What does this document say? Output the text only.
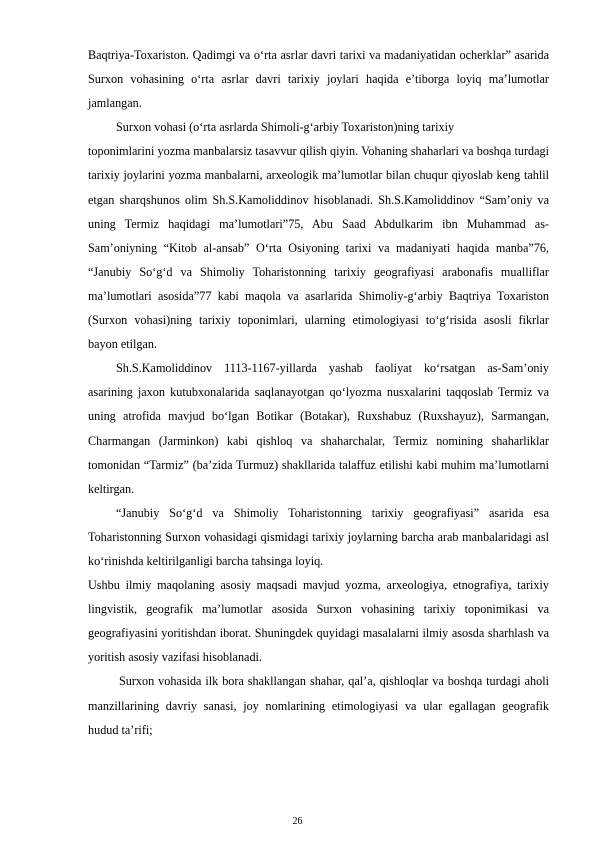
Baqtriya-Toxariston. Qadimgi va o‘rta asrlar davri tarixi va madaniyatidan ocherklar” asarida Surxon vohasining o‘rta asrlar davri tarixiy joylari haqida e’tiborga loyiq ma’lumotlar jamlangan.

Surxon vohasi (o‘rta asrlarda Shimoli-g‘arbiy Toxariston)ning tarixiy

toponimlarini yozma manbalarsiz tasavvur qilish qiyin. Vohaning shaharlari va boshqa turdagi tarixiy joylarini yozma manbalarni, arxeologik ma’lumotlar bilan chuqur qiyoslab keng tahlil etgan sharqshunos olim Sh.S.Kamoliddinov hisoblanadi. Sh.S.Kamoliddinov “Sam’oniy va uning Termiz haqidagi ma’lumotlari”75, Abu Saad Abdulkarim ibn Muhammad as-Sam’oniyning “Kitob al-ansab” O‘rta Osiyoning tarixi va madaniyati haqida manba”76, “Janubiy So‘g‘d va Shimoliy Toharistonning tarixiy geografiyasi arabonafis mualliflar ma’lumotlari asosida”77 kabi maqola va asarlarida Shimoliy-g‘arbiy Baqtriya Toxariston (Surxon vohasi)ning tarixiy toponimlari, ularning etimologiyasi to‘g‘risida asosli fikrlar bayon etilgan.

Sh.S.Kamoliddinov 1113-1167-yillarda yashab faoliyat ko‘rsatgan as-Sam’oniy asarining jaxon kutubxonalarida saqlanayotgan qo‘lyozma nusxalarini taqqoslab Termiz va uning atrofida mavjud bo‘lgan Botikar (Botakar), Ruxshabuz (Ruxshayuz), Sarmangan, Charmangan (Jarminkon) kabi qishloq va shaharchalar, Termiz nomining shaharliklar tomonidan “Tarmiz” (ba’zida Turmuz) shakllarida talaffuz etilishi kabi muhim ma’lumotlarni keltirgan.

“Janubiy So‘g‘d va Shimoliy Toharistonning tarixiy geografiyasi” asarida esa Toharistonning Surxon vohasidagi qismidagi tarixiy joylarning barcha arab manbalaridagi asl ko‘rinishda keltirilganligi barcha tahsinga loyiq.

Ushbu ilmiy maqolaning asosiy maqsadi mavjud yozma, arxeologiya, etnografiya, tarixiy lingvistik, geografik ma’lumotlar asosida Surxon vohasining tarixiy toponimikasi va geografiyasini yoritishdan iborat. Shuningdek quyidagi masalalarni ilmiy asosda sharhlash va yoritish asosiy vazifasi hisoblanadi.

Surxon vohasida ilk bora shakllangan shahar, qal’a, qishloqlar va boshqa turdagi aholi manzillarining davriy sanasi, joy nomlarining etimologiyasi va ular egallagan geografik hudud ta’rifi;

26
